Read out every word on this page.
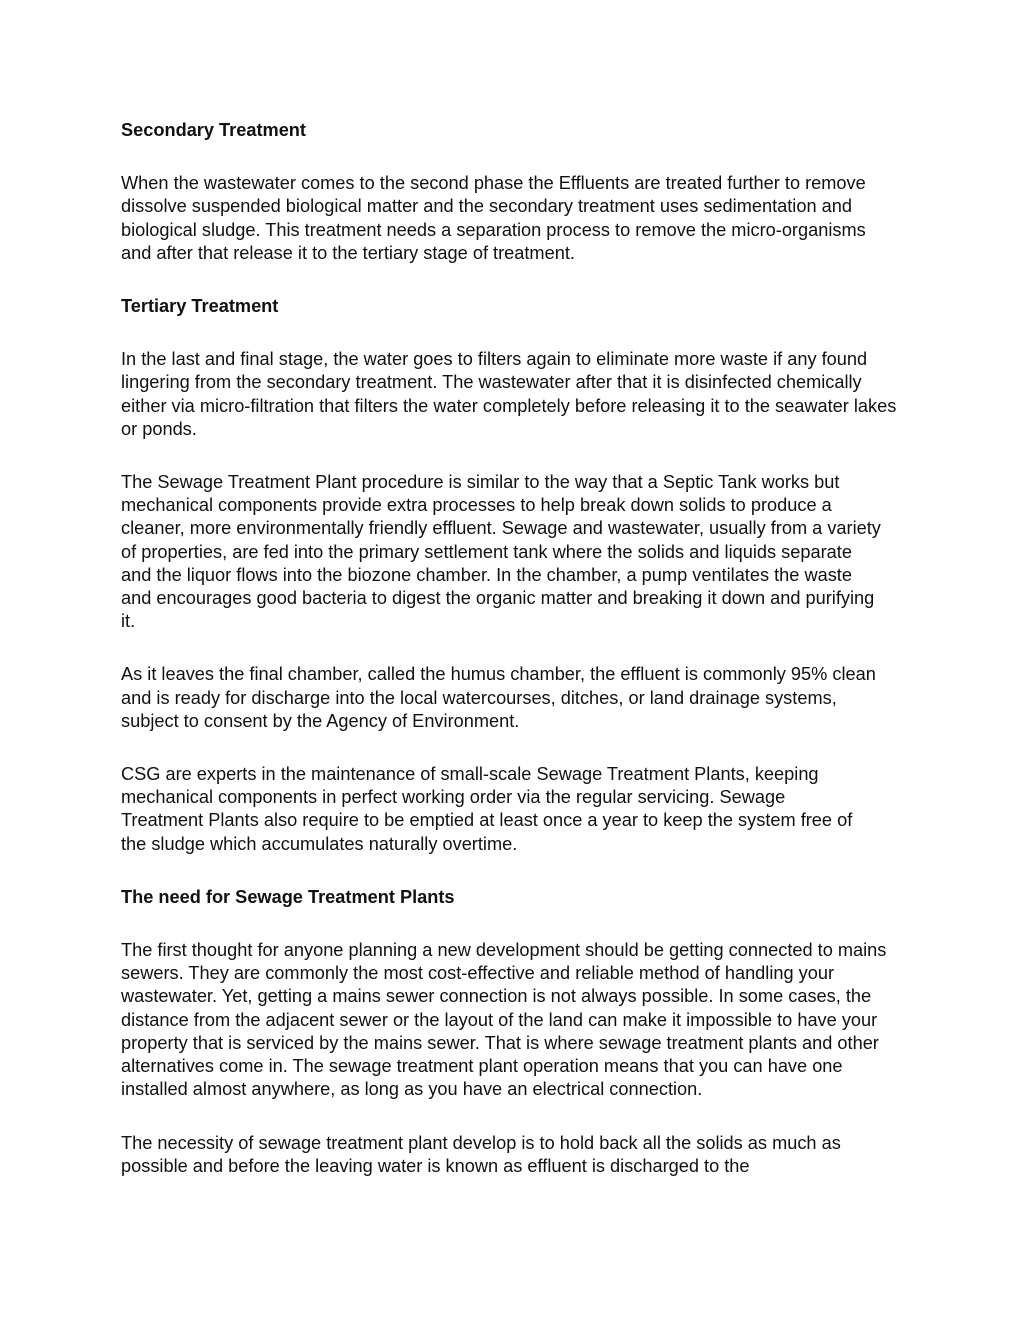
Secondary Treatment

When the wastewater comes to the second phase the Effluents are treated further to remove dissolve suspended biological matter and the secondary treatment uses sedimentation and biological sludge. This treatment needs a separation process to remove the micro-organisms and after that release it to the tertiary stage of treatment.

Tertiary Treatment

In the last and final stage, the water goes to filters again to eliminate more waste if any found lingering from the secondary treatment. The wastewater after that it is disinfected chemically either via micro-filtration that filters the water completely before releasing it to the seawater lakes or ponds.

The Sewage Treatment Plant procedure is similar to the way that a Septic Tank works but mechanical components provide extra processes to help break down solids to produce a cleaner, more environmentally friendly effluent. Sewage and wastewater, usually from a variety of properties, are fed into the primary settlement tank where the solids and liquids separate and the liquor flows into the biozone chamber. In the chamber, a pump ventilates the waste and encourages good bacteria to digest the organic matter and breaking it down and purifying it.

As it leaves the final chamber, called the humus chamber, the effluent is commonly 95% clean and is ready for discharge into the local watercourses, ditches, or land drainage systems, subject to consent by the Agency of Environment.

CSG are experts in the maintenance of small-scale Sewage Treatment Plants, keeping mechanical components in perfect working order via the regular servicing. Sewage Treatment Plants also require to be emptied at least once a year to keep the system free of the sludge which accumulates naturally overtime.

The need for Sewage Treatment Plants

The first thought for anyone planning a new development should be getting connected to mains sewers. They are commonly the most cost-effective and reliable method of handling your wastewater. Yet, getting a mains sewer connection is not always possible. In some cases, the distance from the adjacent sewer or the layout of the land can make it impossible to have your property that is serviced by the mains sewer. That is where sewage treatment plants and other alternatives come in. The sewage treatment plant operation means that you can have one installed almost anywhere, as long as you have an electrical connection.

The necessity of sewage treatment plant develop is to hold back all the solids as much as possible and before the leaving water is known as effluent is discharged to the
